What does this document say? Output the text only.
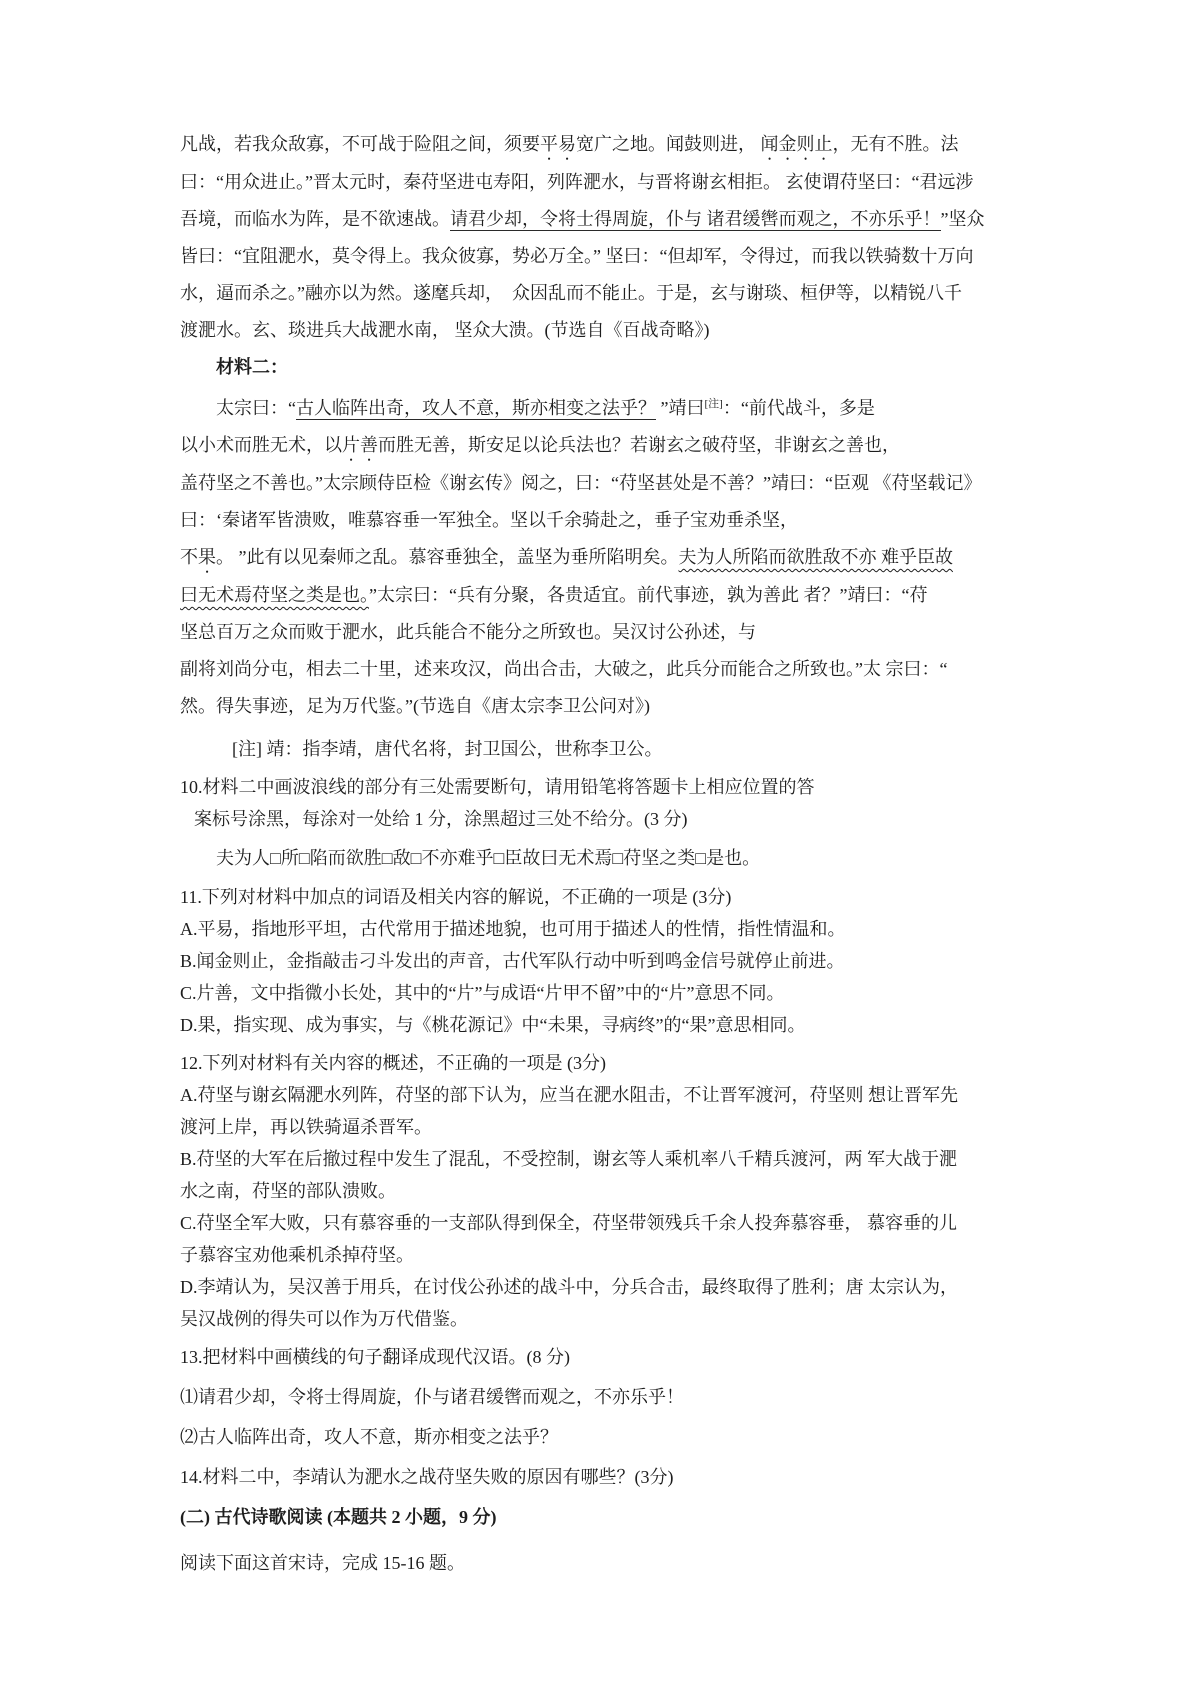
凡战，若我众敌寡，不可战于险阻之间，须要平易宽广之地。闻鼓则进， 闻金则止，无有不胜。法
曰：“用众进止。”晋太元时，秦苻坚进屯寿阳，列阵淝水，与晋将谢玄相拒。 玄使谓苻坚曰：“君远涉
吾境，而临水为阵，是不欲速战。请君少却，令将士得周旋，仆与 诸君缓辔而观之，不亦乐乎！”坚众
皆曰：“宜阻淝水，莫令得上。我众彼寡，势必万全。” 坚曰：“但却军，令得过，而我以铁骑数十万向
水，逼而杀之。”融亦以为然。遂麾兵却，  众因乱而不能止。于是，玄与谢琰、桓伊等，以精锐八千
渡淝水。玄、琰进兵大战淝水南， 坚众大溃。(节选自《百战奇略》)
材料二：
太宗曰：“古人临阵出奇，攻人不意，斯亦相变之法乎？ ”靖曰[注]：“前代战斗，多是
以小术而胜无术，以片善而胜无善，斯安足以论兵法也？若谢玄之破苻坚，非谢玄之善也，
盖苻坚之不善也。”太宗顾侍臣检《谢玄传》阅之，曰：“苻坚甚处是不善？”靖曰：“臣观 《苻坚载记》
曰：‘秦诸军皆溃败，唯慕容垂一军独全。坚以千余骑赴之，垂子宝劝垂杀坚，
不果。 ”此有以见秦师之乱。慕容垂独全，盖坚为垂所陷明矣。夫为人所陷而欲胜敌不亦 难乎臣故
曰无术焉苻坚之类是也。”太宗曰：“兵有分聚，各贵适宜。前代事迹，孰为善此 者？”靖曰：“苻
坚总百万之众而败于淝水，此兵能合不能分之所致也。吴汉讨公孙述，与
副将刘尚分屯，相去二十里，述来攻汉，尚出合击，大破之，此兵分而能合之所致也。”太 宗曰：“
然。得失事迹，足为万代鉴。”(节选自《唐太宗李卫公问对》)
[注] 靖：指李靖，唐代名将，封卫国公，世称李卫公。
10.材料二中画波浪线的部分有三处需要断句，请用铅笔将答题卡上相应位置的答
案标号涂黑，每涂对一处给 1 分，涂黑超过三处不给分。(3 分)
夫为人□所□陷而欲胜□敌□不亦难乎□臣故曰无术焉□苻坚之类□是也。
11.下列对材料中加点的词语及相关内容的解说，不正确的一项是 (3分)
A.平易，指地形平坦，古代常用于描述地貌，也可用于描述人的性情，指性情温和。
B.闻金则止，金指敲击刁斗发出的声音，古代军队行动中听到鸣金信号就停止前进。
C.片善，文中指微小长处，其中的“片”与成语“片甲不留”中的“片”意思不同。
D.果，指实现、成为事实，与《桃花源记》中“未果，寻病终”的“果”意思相同。
12.下列对材料有关内容的概述，不正确的一项是 (3分)
A.苻坚与谢玄隔淝水列阵，苻坚的部下认为，应当在淝水阻击，不让晋军渡河，苻坚则 想让晋军先
渡河上岸，再以铁骑逼杀晋军。
B.苻坚的大军在后撤过程中发生了混乱，不受控制，谢玄等人乘机率八千精兵渡河，两 军大战于淝
水之南，苻坚的部队溃败。
C.苻坚全军大败，只有慕容垂的一支部队得到保全，苻坚带领残兵千余人投奔慕容垂， 慕容垂的儿
子慕容宝劝他乘机杀掉苻坚。
D.李靖认为，吴汉善于用兵，在讨伐公孙述的战斗中，分兵合击，最终取得了胜利；唐 太宗认为，
吴汉战例的得失可以作为万代借鉴。
13.把材料中画横线的句子翻译成现代汉语。(8 分)
⑴请君少却，令将士得周旋，仆与诸君缓辔而观之，不亦乐乎！
⑵古人临阵出奇，攻人不意，斯亦相变之法乎？
14.材料二中，李靖认为淝水之战苻坚失败的原因有哪些？(3分)
(二) 古代诗歌阅读 (本题共 2 小题，9 分)
阅读下面这首宋诗，完成 15-16 题。
